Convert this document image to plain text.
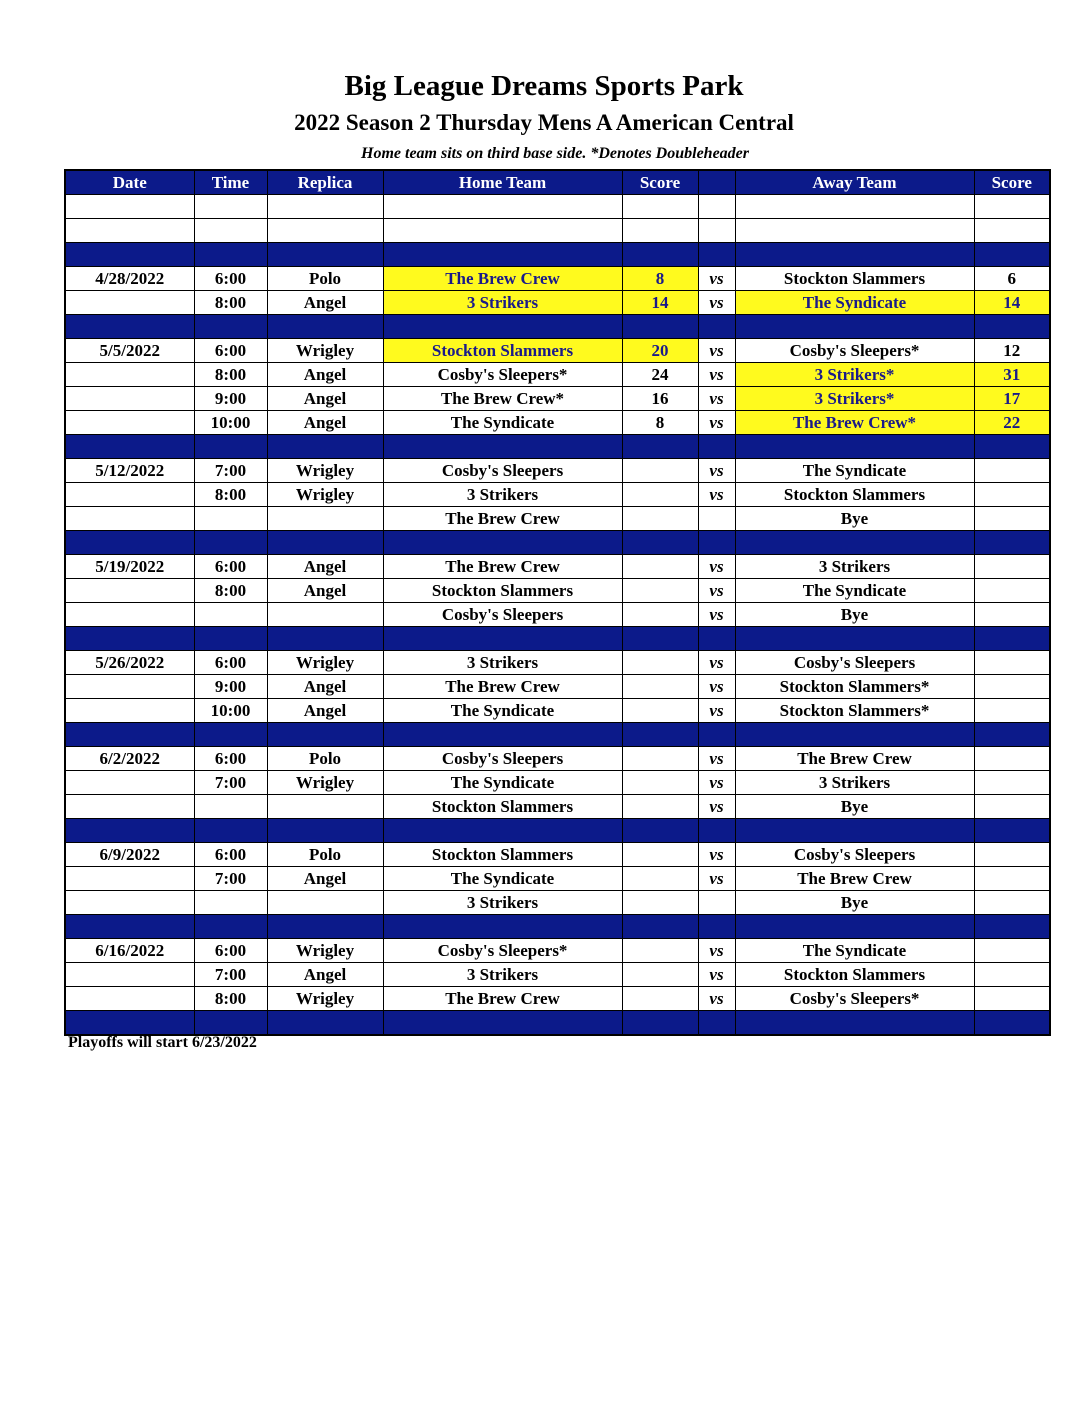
Big League Dreams Sports Park
2022 Season 2 Thursday Mens A American Central
Home team sits on third base side. *Denotes Doubleheader
Date	Time	Replica	Home Team	Score		Away Team	Score

4/28/2022	6:00	Polo	The Brew Crew	8	vs	Stockton Slammers	6
	8:00	Angel	3 Strikers	14	vs	The Syndicate	14

5/5/2022	6:00	Wrigley	Stockton Slammers	20	vs	Cosby's Sleepers*	12
	8:00	Angel	Cosby's Sleepers*	24	vs	3 Strikers*	31
	9:00	Angel	The Brew Crew*	16	vs	3 Strikers*	17
	10:00	Angel	The Syndicate	8	vs	The Brew Crew*	22

5/12/2022	7:00	Wrigley	Cosby's Sleepers		vs	The Syndicate	
	8:00	Wrigley	3 Strikers		vs	Stockton Slammers	
			The Brew Crew			Bye	

5/19/2022	6:00	Angel	The Brew Crew		vs	3 Strikers	
	8:00	Angel	Stockton Slammers		vs	The Syndicate	
			Cosby's Sleepers		vs	Bye	

5/26/2022	6:00	Wrigley	3 Strikers		vs	Cosby's Sleepers	
	9:00	Angel	The Brew Crew		vs	Stockton Slammers*	
	10:00	Angel	The Syndicate		vs	Stockton Slammers*	

6/2/2022	6:00	Polo	Cosby's Sleepers		vs	The Brew Crew	
	7:00	Wrigley	The Syndicate		vs	3 Strikers	
			Stockton Slammers		vs	Bye	

6/9/2022	6:00	Polo	Stockton Slammers		vs	Cosby's Sleepers	
	7:00	Angel	The Syndicate		vs	The Brew Crew	
			3 Strikers			Bye	

6/16/2022	6:00	Wrigley	Cosby's Sleepers*		vs	The Syndicate	
	7:00	Angel	3 Strikers		vs	Stockton Slammers	
	8:00	Wrigley	The Brew Crew		vs	Cosby's Sleepers*	

Playoffs will start 6/23/2022
